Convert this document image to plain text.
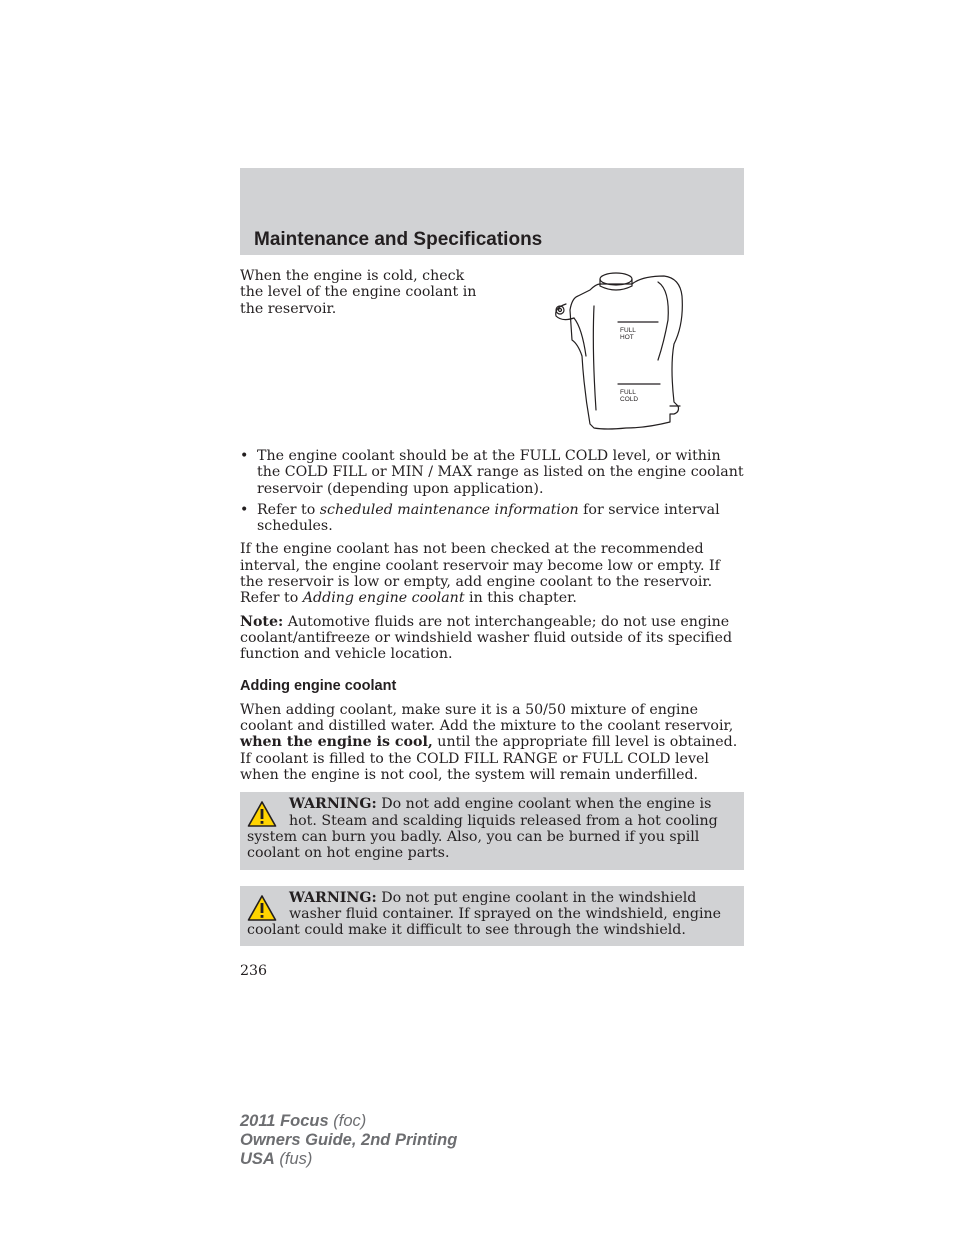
Maintenance and Specifications

When the engine is cold, check the level of the engine coolant in the reservoir.

FULL
HOT
FULL
COLD
• The engine coolant should be at the FULL COLD level, or within the COLD FILL or MIN / MAX range as listed on the engine coolant reservoir (depending upon application).
• Refer to scheduled maintenance information for service interval schedules.

If the engine coolant has not been checked at the recommended interval, the engine coolant reservoir may become low or empty. If the reservoir is low or empty, add engine coolant to the reservoir. Refer to Adding engine coolant in this chapter.

Note: Automotive fluids are not interchangeable; do not use engine coolant/antifreeze or windshield washer fluid outside of its specified function and vehicle location.

Adding engine coolant

When adding coolant, make sure it is a 50/50 mixture of engine coolant and distilled water. Add the mixture to the coolant reservoir, when the engine is cool, until the appropriate fill level is obtained. If coolant is filled to the COLD FILL RANGE or FULL COLD level when the engine is not cool, the system will remain underfilled.

WARNING: Do not add engine coolant when the engine is hot. Steam and scalding liquids released from a hot cooling system can burn you badly. Also, you can be burned if you spill coolant on hot engine parts.
WARNING: Do not put engine coolant in the windshield washer fluid container. If sprayed on the windshield, engine coolant could make it difficult to see through the windshield.

236

2011 Focus (foc)
Owners Guide, 2nd Printing
USA (fus)
